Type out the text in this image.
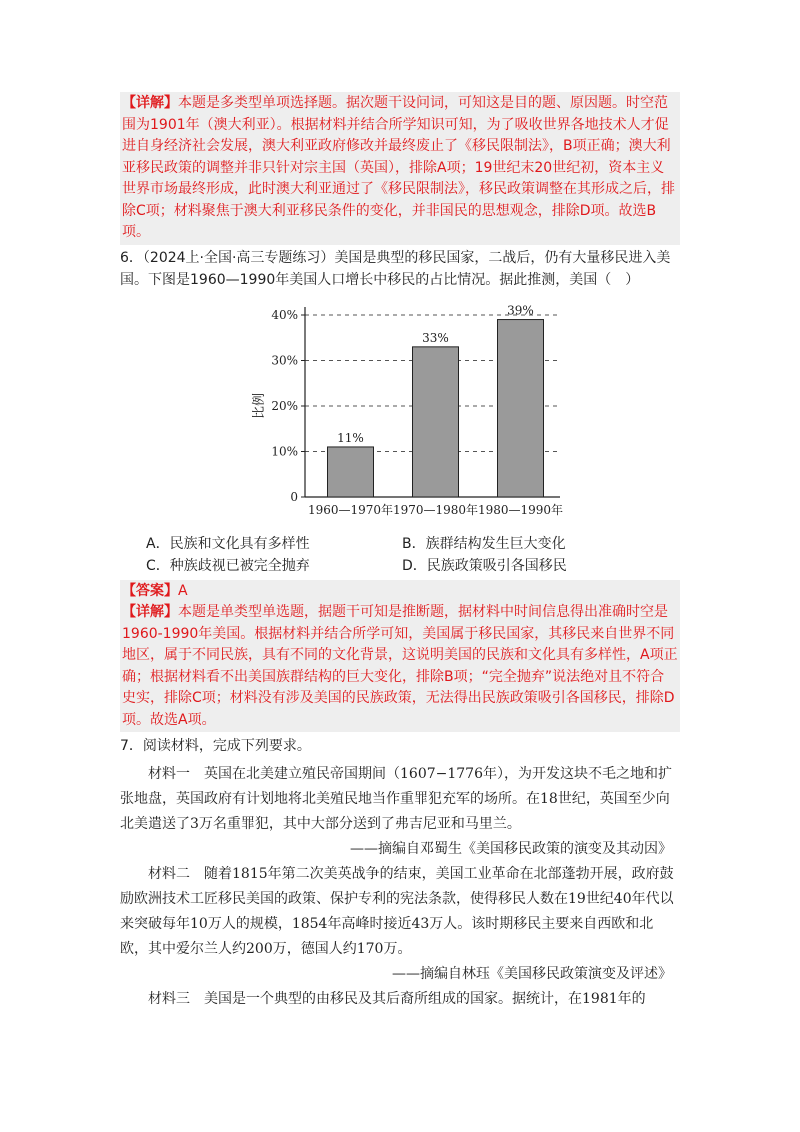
【详解】本题是多类型单项选择题。据次题干设问词，可知这是目的题、原因题。时空范围为1901年（澳大利亚）。根据材料并结合所学知识可知，为了吸收世界各地技术人才促进自身经济社会发展，澳大利亚政府修改并最终废止了《移民限制法》，B项正确；澳大利亚移民政策的调整并非只针对宗主国（英国），排除A项；19世纪末20世纪初，资本主义世界市场最终形成，此时澳大利亚通过了《移民限制法》，移民政策调整在其形成之后，排除C项；材料聚焦于澳大利亚移民条件的变化，并非国民的思想观念，排除D项。故选B项。
6．（2024上·全国·高三专题练习）美国是典型的移民国家，二战后，仍有大量移民进入美国。下图是1960—1990年美国人口增长中移民的占比情况。据此推测，美国（　）
0
10%
20%
30%
40%
比例
11%
1960—1970年
33%
1970—1980年
39%
1980—1990年
A．民族和文化具有多样性	B．族群结构发生巨大变化
C．种族歧视已被完全抛弃	D．民族政策吸引各国移民
【答案】A
【详解】本题是单类型单选题，据题干可知是推断题，据材料中时间信息得出准确时空是1960-1990年美国。根据材料并结合所学可知，美国属于移民国家，其移民来自世界不同地区，属于不同民族，具有不同的文化背景，这说明美国的民族和文化具有多样性，A项正确；根据材料看不出美国族群结构的巨大变化，排除B项；“完全抛弃”说法绝对且不符合史实，排除C项；材料没有涉及美国的民族政策，无法得出民族政策吸引各国移民，排除D项。故选A项。
7．阅读材料，完成下列要求。
材料一　英国在北美建立殖民帝国期间（1607−1776年），为开发这块不毛之地和扩张地盘，英国政府有计划地将北美殖民地当作重罪犯充军的场所。在18世纪，英国至少向北美遣送了3万名重罪犯，其中大部分送到了弗吉尼亚和马里兰。
——摘编自邓蜀生《美国移民政策的演变及其动因》
材料二　随着1815年第二次美英战争的结束，美国工业革命在北部蓬勃开展，政府鼓励欧洲技术工匠移民美国的政策、保护专利的宪法条款，使得移民人数在19世纪40年代以来突破每年10万人的规模，1854年高峰时接近43万人。该时期移民主要来自西欧和北欧，其中爱尔兰人约200万，德国人约170万。
——摘编自林珏《美国移民政策演变及评述》
材料三　美国是一个典型的由移民及其后裔所组成的国家。据统计，在1981年的
